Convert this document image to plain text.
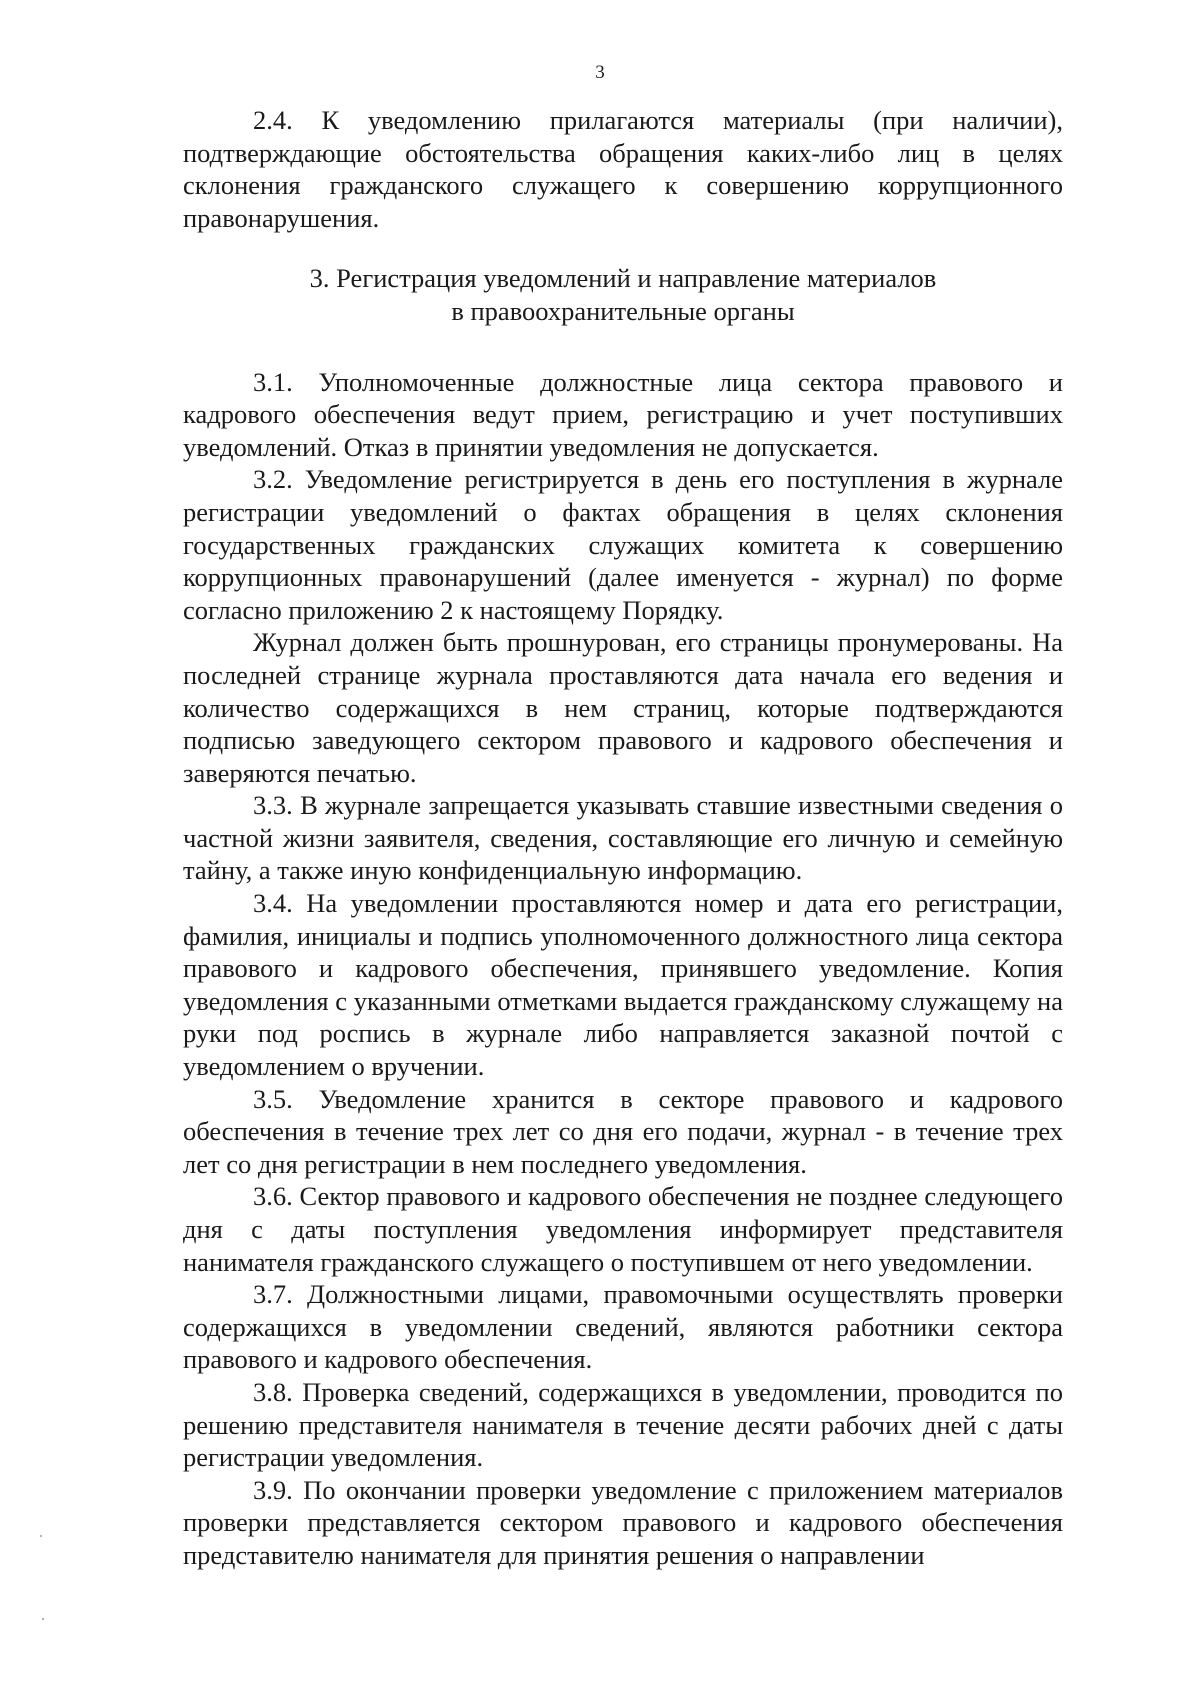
3

2.4. К уведомлению прилагаются материалы (при наличии), подтверждающие обстоятельства обращения каких-либо лиц в целях склонения гражданского служащего к совершению коррупционного правонарушения.

3. Регистрация уведомлений и направление материалов
в правоохранительные органы

3.1. Уполномоченные должностные лица сектора правового и кадрового обеспечения ведут прием, регистрацию и учет поступивших уведомлений. Отказ в принятии уведомления не допускается.

3.2. Уведомление регистрируется в день его поступления в журнале регистрации уведомлений о фактах обращения в целях склонения государственных гражданских служащих комитета к совершению коррупционных правонарушений (далее именуется - журнал) по форме согласно приложению 2 к настоящему Порядку.

Журнал должен быть прошнурован, его страницы пронумерованы. На последней странице журнала проставляются дата начала его ведения и количество содержащихся в нем страниц, которые подтверждаются подписью заведующего сектором правового и кадрового обеспечения и заверяются печатью.

3.3. В журнале запрещается указывать ставшие известными сведения о частной жизни заявителя, сведения, составляющие его личную и семейную тайну, а также иную конфиденциальную информацию.

3.4. На уведомлении проставляются номер и дата его регистрации, фамилия, инициалы и подпись уполномоченного должностного лица сектора правового и кадрового обеспечения, принявшего уведомление. Копия уведомления с указанными отметками выдается гражданскому служащему на руки под роспись в журнале либо направляется заказной почтой с уведомлением о вручении.

3.5. Уведомление хранится в секторе правового и кадрового обеспечения в течение трех лет со дня его подачи, журнал - в течение трех лет со дня регистрации в нем последнего уведомления.

3.6. Сектор правового и кадрового обеспечения не позднее следующего дня с даты поступления уведомления информирует представителя нанимателя гражданского служащего о поступившем от него уведомлении.

3.7. Должностными лицами, правомочными осуществлять проверки содержащихся в уведомлении сведений, являются работники сектора правового и кадрового обеспечения.

3.8. Проверка сведений, содержащихся в уведомлении, проводится по решению представителя нанимателя в течение десяти рабочих дней с даты регистрации уведомления.

3.9. По окончании проверки уведомление с приложением материалов проверки представляется сектором правового и кадрового обеспечения представителю нанимателя для принятия решения о направлении
